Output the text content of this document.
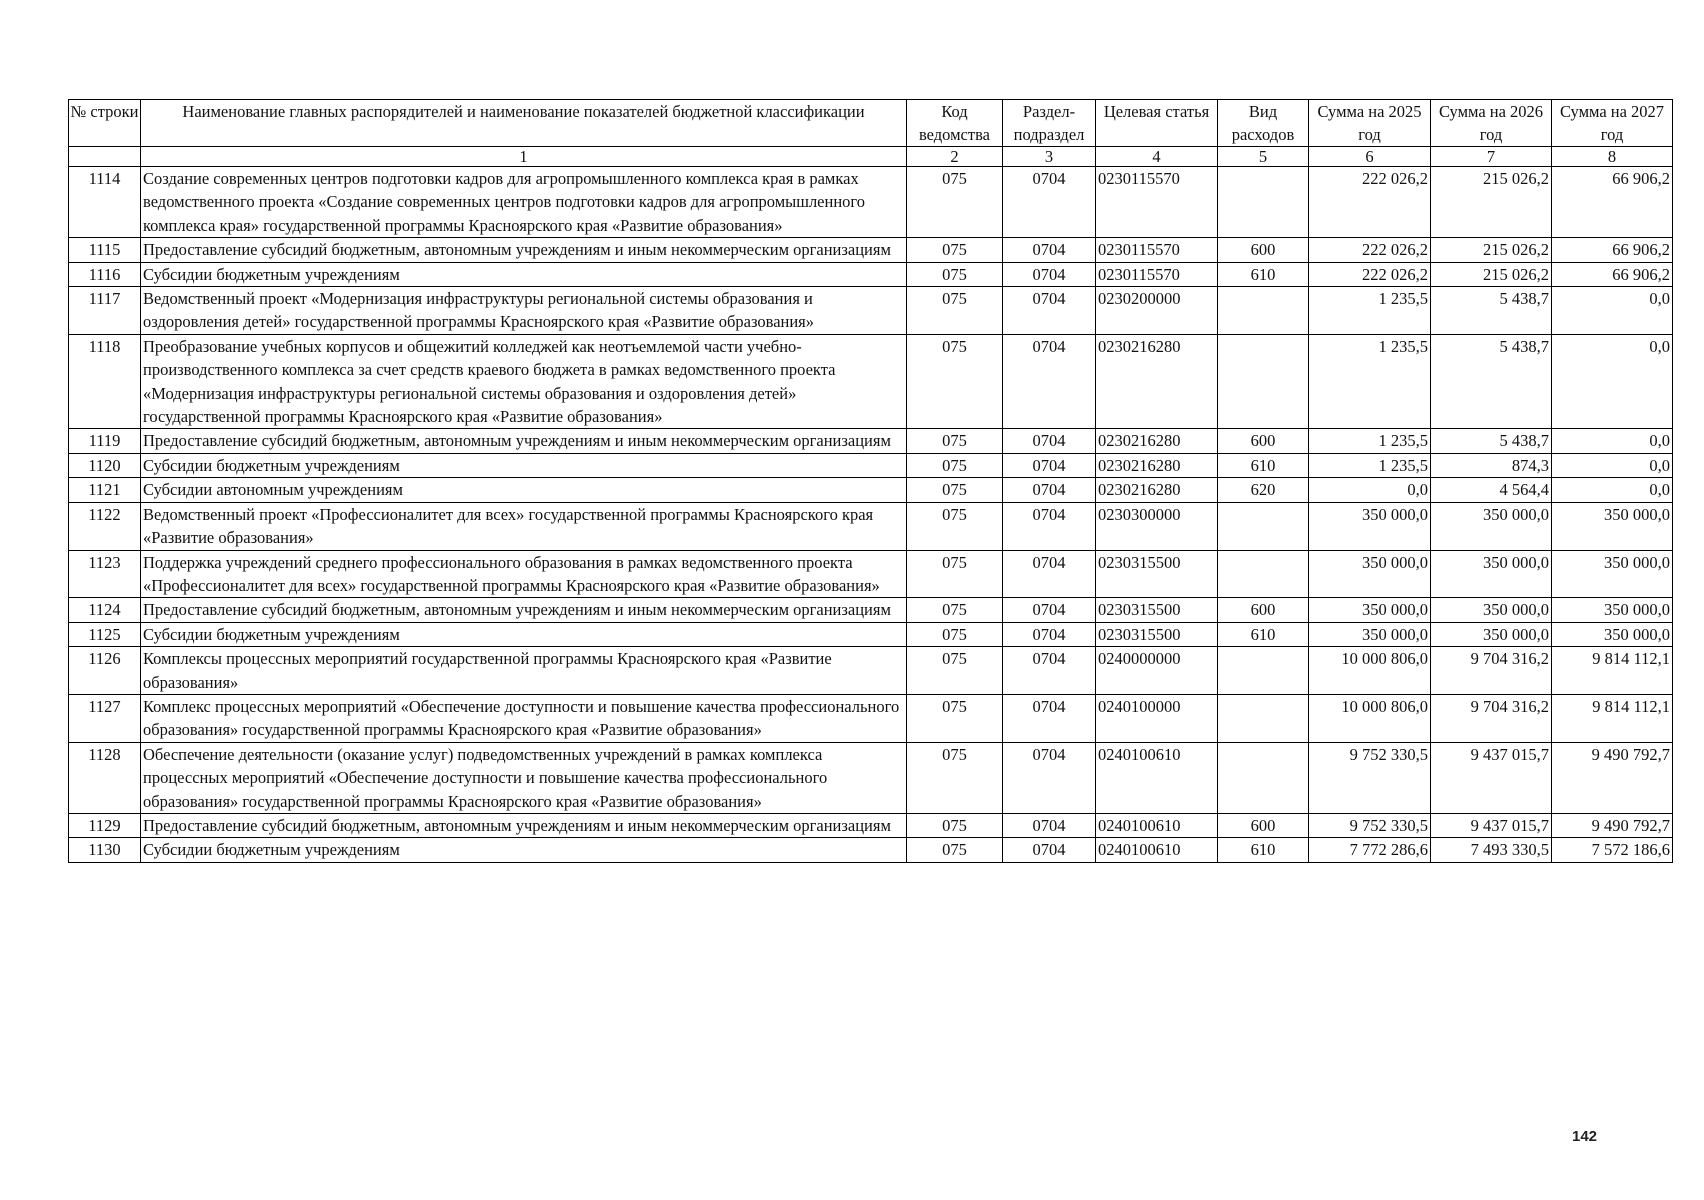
№ строки	Наименование главных распорядителей и наименование показателей бюджетной классификации	Код ведомства	Раздел-подраздел	Целевая статья	Вид расходов	Сумма на 2025 год	Сумма на 2026 год	Сумма на 2027 год
	1	2	3	4	5	6	7	8
1114	Создание современных центров подготовки кадров для агропромышленного комплекса края в рамках ведомственного проекта «Создание современных центров подготовки кадров для агропромышленного комплекса края» государственной программы Красноярского края «Развитие образования»	075	0704	0230115570		222 026,2	215 026,2	66 906,2
1115	Предоставление субсидий бюджетным, автономным учреждениям и иным некоммерческим организациям	075	0704	0230115570	600	222 026,2	215 026,2	66 906,2
1116	Субсидии бюджетным учреждениям	075	0704	0230115570	610	222 026,2	215 026,2	66 906,2
1117	Ведомственный проект «Модернизация инфраструктуры региональной системы образования и оздоровления детей» государственной программы Красноярского края «Развитие образования»	075	0704	0230200000		1 235,5	5 438,7	0,0
1118	Преобразование учебных корпусов и общежитий колледжей как неотъемлемой части учебно-производственного комплекса за счет средств краевого бюджета в рамках ведомственного проекта «Модернизация инфраструктуры региональной системы образования и оздоровления детей» государственной программы Красноярского края «Развитие образования»	075	0704	0230216280		1 235,5	5 438,7	0,0
1119	Предоставление субсидий бюджетным, автономным учреждениям и иным некоммерческим организациям	075	0704	0230216280	600	1 235,5	5 438,7	0,0
1120	Субсидии бюджетным учреждениям	075	0704	0230216280	610	1 235,5	874,3	0,0
1121	Субсидии автономным учреждениям	075	0704	0230216280	620	0,0	4 564,4	0,0
1122	Ведомственный проект «Профессионалитет для всех» государственной программы Красноярского края «Развитие образования»	075	0704	0230300000		350 000,0	350 000,0	350 000,0
1123	Поддержка учреждений среднего профессионального образования в рамках ведомственного проекта «Профессионалитет для всех» государственной программы Красноярского края «Развитие образования»	075	0704	0230315500		350 000,0	350 000,0	350 000,0
1124	Предоставление субсидий бюджетным, автономным учреждениям и иным некоммерческим организациям	075	0704	0230315500	600	350 000,0	350 000,0	350 000,0
1125	Субсидии бюджетным учреждениям	075	0704	0230315500	610	350 000,0	350 000,0	350 000,0
1126	Комплексы процессных мероприятий государственной программы Красноярского края «Развитие образования»	075	0704	0240000000		10 000 806,0	9 704 316,2	9 814 112,1
1127	Комплекс процессных мероприятий «Обеспечение доступности и повышение качества профессионального образования» государственной программы Красноярского края «Развитие образования»	075	0704	0240100000		10 000 806,0	9 704 316,2	9 814 112,1
1128	Обеспечение деятельности (оказание услуг) подведомственных учреждений в рамках комплекса процессных мероприятий «Обеспечение доступности и повышение качества профессионального образования» государственной программы Красноярского края «Развитие образования»	075	0704	0240100610		9 752 330,5	9 437 015,7	9 490 792,7
1129	Предоставление субсидий бюджетным, автономным учреждениям и иным некоммерческим организациям	075	0704	0240100610	600	9 752 330,5	9 437 015,7	9 490 792,7
1130	Субсидии бюджетным учреждениям	075	0704	0240100610	610	7 772 286,6	7 493 330,5	7 572 186,6
142
